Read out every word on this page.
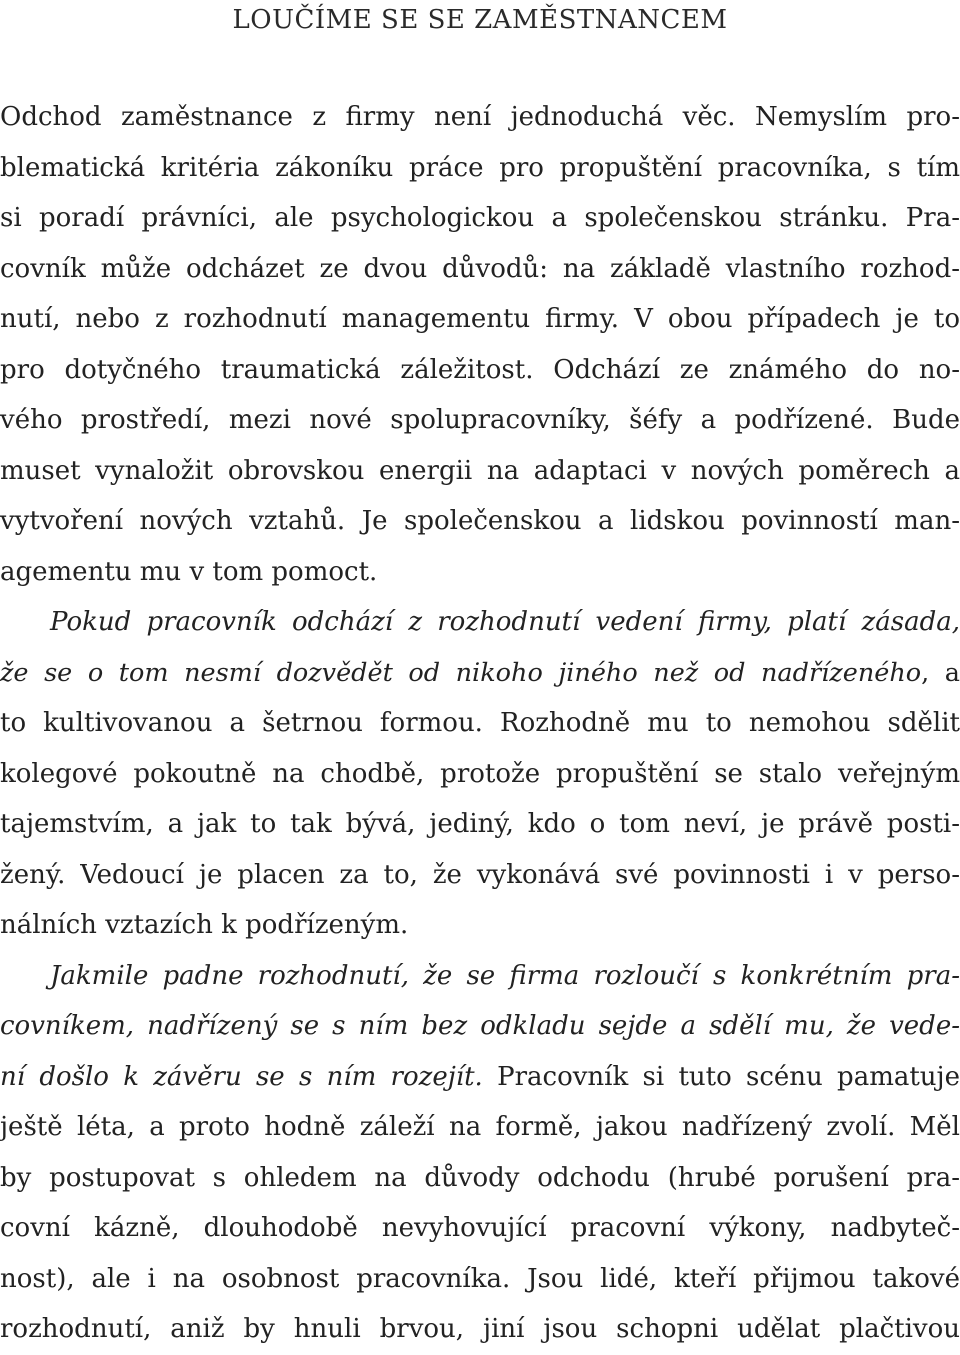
LOUČÍME SE SE ZAMĚSTNANCEM
Odchod zaměstnance z firmy není jednoduchá věc. Nemyslím pro-
blematická kritéria zákoníku práce pro propuštění pracovníka, s tím
si poradí právníci, ale psychologickou a společenskou stránku. Pra-
covník může odcházet ze dvou důvodů: na základě vlastního rozhod-
nutí, nebo z rozhodnutí managementu firmy. V obou případech je to
pro dotyčného traumatická záležitost. Odchází ze známého do no-
vého prostředí, mezi nové spolupracovníky, šéfy a podřízené. Bude
muset vynaložit obrovskou energii na adaptaci v nových poměrech a
vytvoření nových vztahů. Je společenskou a lidskou povinností man-
agementu mu v tom pomoct.
Pokud pracovník odchází z rozhodnutí vedení firmy, platí zásada,
že se o tom nesmí dozvědět od nikoho jiného než od nadřízeného, a
to kultivovanou a šetrnou formou. Rozhodně mu to nemohou sdělit
kolegové pokoutně na chodbě, protože propuštění se stalo veřejným
tajemstvím, a jak to tak bývá, jediný, kdo o tom neví, je právě posti-
žený. Vedoucí je placen za to, že vykonává své povinnosti i v perso-
nálních vztazích k podřízeným.
Jakmile padne rozhodnutí, že se firma rozloučí s konkrétním pra-
covníkem, nadřízený se s ním bez odkladu sejde a sdělí mu, že vede-
ní došlo k závěru se s ním rozejít. Pracovník si tuto scénu pamatuje
ještě léta, a proto hodně záleží na formě, jakou nadřízený zvolí. Měl
by postupovat s ohledem na důvody odchodu (hrubé porušení pra-
covní kázně, dlouhodobě nevyhovující pracovní výkony, nadbyteč-
nost), ale i na osobnost pracovníka. Jsou lidé, kteří přijmou takové
rozhodnutí, aniž by hnuli brvou, jiní jsou schopni udělat plačtivou
